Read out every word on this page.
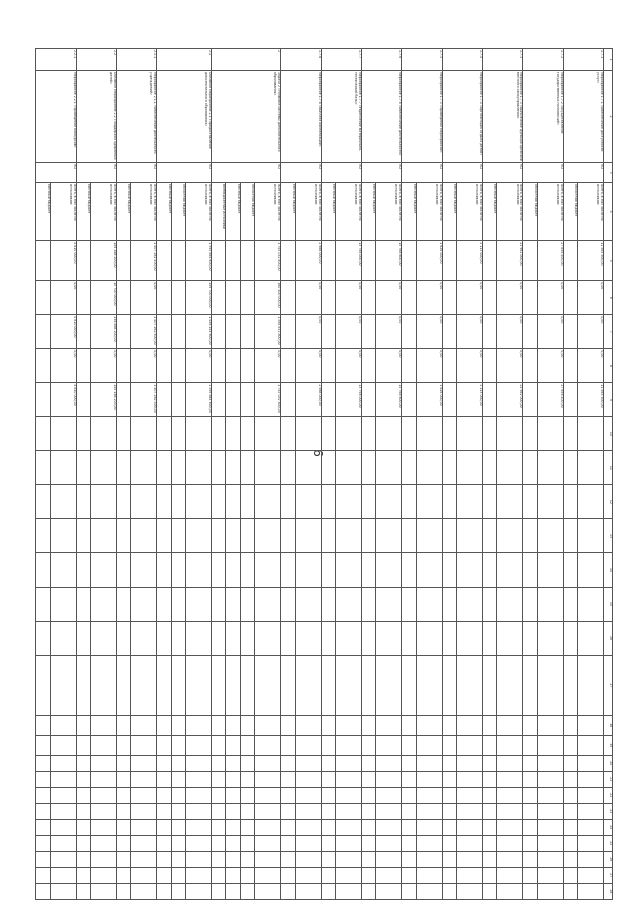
6
1	2	3	4	5	6	7	8	9	10	11	12	13	14	15	16	17	18	19	20	21	22	23	24	25	26	27	28
1.7.1	Мероприятие 1.7.1 «Обеспечение доступности услуг»	КО	Всего, в том числе по источникам:	11 565 900,00	0,00	0,00	0,00	11 565 900,00																			
			областной бюджет																								
1.7.2	Мероприятие 1.7.2 «Осуществление государственных полномочий»	КО	Всего, в том числе по источникам:	27 656 400,00	0,00	0,00	0,00	27 656 400,00																			
			областной бюджет																								
1.7.3	Мероприятие 1.7.3 «Выполнение функций органами местного самоуправления»	КО	Всего, в том числе по источникам:	21 962 000,00	0,00	0,00	0,00	21 962 000,00																			
			местный бюджет																								
1.7.4	Мероприятие 1.7.4 «Организация отдыха детей»	КО	Всего, в том числе по источникам:	2 113 000,00	0,00	0,00	0,00	2 113 000,00																			
			местный бюджет																								
1.7.5	Мероприятие 1.7.5 «Проведение мероприятий»	КО	Всего, в том числе по источникам:	1 826 000,00	0,00	0,00	0,00	1 826 000,00																			
			местный бюджет																								
1.7.6	Мероприятие 1.7.6 «Обеспечение деятельности»	КО	Всего, в том числе по источникам:	15 768 600,00	0,00	0,00	0,00	15 768 600,00																			
			местный бюджет																								
1.7.7	Мероприятие 1.7.7 «Укрепление материально-технической базы»	КО	Всего, в том числе по источникам:	13 798 000,00	0,00	0,00	0,00	13 798 000,00																			
			местный бюджет																								
1.7.8	Мероприятие 1.7.8 «Выплата компенсации»	КО	Всего, в том числе по источникам:	2 988 000,00	0,00	0,00	0,00	2 988 000,00																			
			местный бюджет																								
2	Задача 2 «Развитие системы дополнительного образования»	КО	Всего, в том числе по источникам:	1 745 032 800,00	160 400 000,00	1 584 632 800,00	0,00	1 745 032 800,00																			
			областной бюджет																								
			местный бюджет																								
			внебюджетные источники																								
2.1	Основное мероприятие 2.1 «Предоставление дополнительного образования»	КО	Всего, в том числе по источникам:	1 595 844 600,00	149 700 000,00	1 446 144 600,00	0,00	1 595 844 600,00																			
			областной бюджет																								
			местный бюджет																								
2.1.1	Мероприятие 2.1.1 «Обеспечение деятельности учреждений»	КО	Всего, в том числе по источникам:	1 407 262 400,00	0,00	1 407 262 400,00	0,00	1 407 262 400,00																			
			местный бюджет																								
2.2	Основное мероприятие 2.2 «Поддержка одаренных детей»	КО	Всего, в том числе по источникам:	149 188 200,00	10 700 000,00	138 488 200,00	0,00	149 188 200,00																			
			местный бюджет																								
2.2.1	Мероприятие 2.2.1 «Проведение конкурсов»	КО	Всего, в том числе по источникам:	4 810 000,00	0,00	4 810 000,00	0,00	4 810 000,00																			
			местный бюджет																								
